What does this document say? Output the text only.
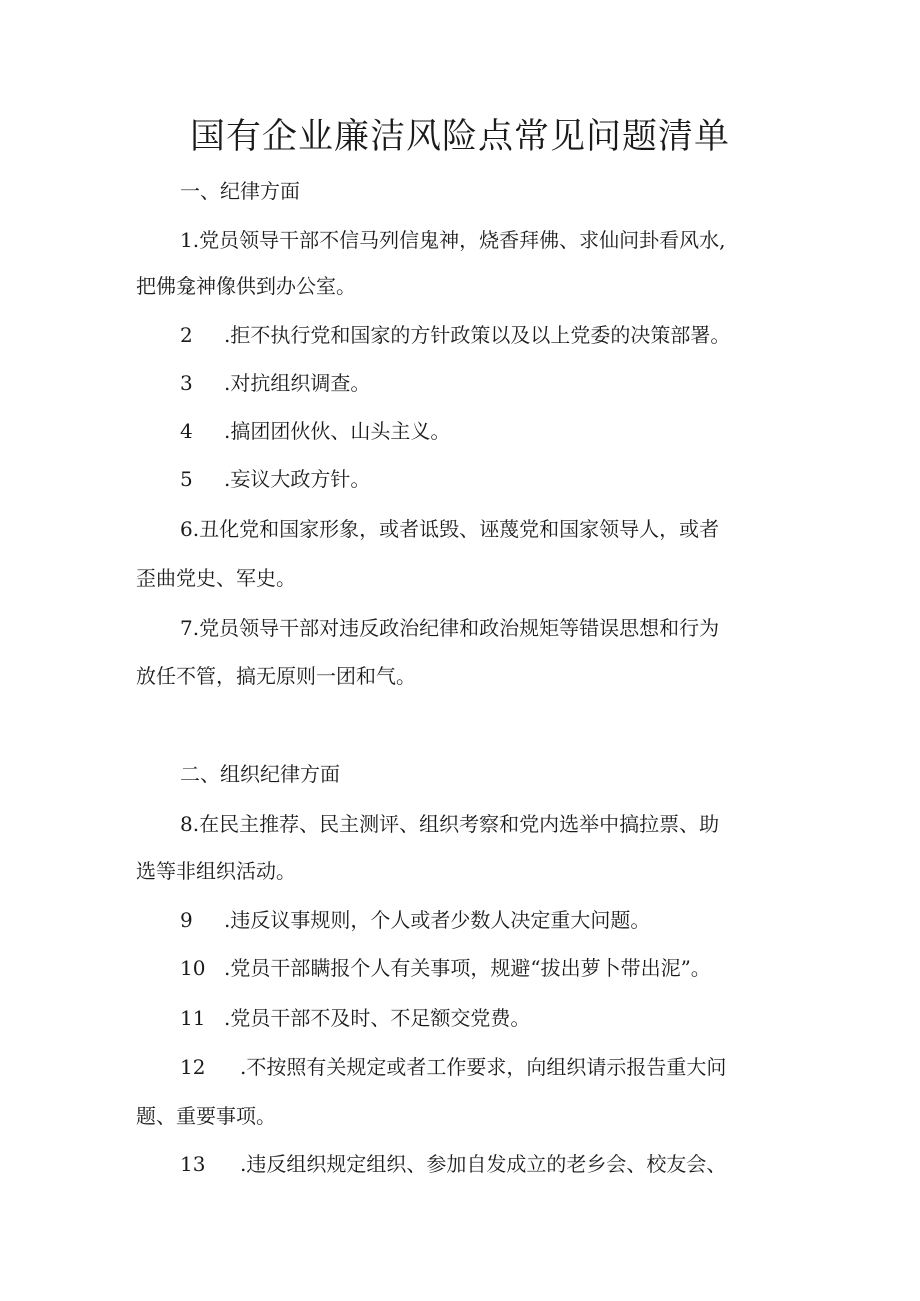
国有企业廉洁风险点常见问题清单
一、纪律方面
1.党员领导干部不信马列信鬼神，烧香拜佛、求仙问卦看风水,
把佛龛神像供到办公室。
2 .拒不执行党和国家的方针政策以及以上党委的决策部署。
3 .对抗组织调查。
4 .搞团团伙伙、山头主义。
5 .妄议大政方针。
6.丑化党和国家形象，或者诋毁、诬蔑党和国家领导人，或者
歪曲党史、军史。
7.党员领导干部对违反政治纪律和政治规矩等错误思想和行为
放任不管，搞无原则一团和气。
二、组织纪律方面
8.在民主推荐、民主测评、组织考察和党内选举中搞拉票、助
选等非组织活动。
9 .违反议事规则，个人或者少数人决定重大问题。
10 .党员干部瞒报个人有关事项，规避“拔出萝卜带出泥”。
11 .党员干部不及时、不足额交党费。
12 .不按照有关规定或者工作要求，向组织请示报告重大问
题、重要事项。
13 .违反组织规定组织、参加自发成立的老乡会、校友会、
